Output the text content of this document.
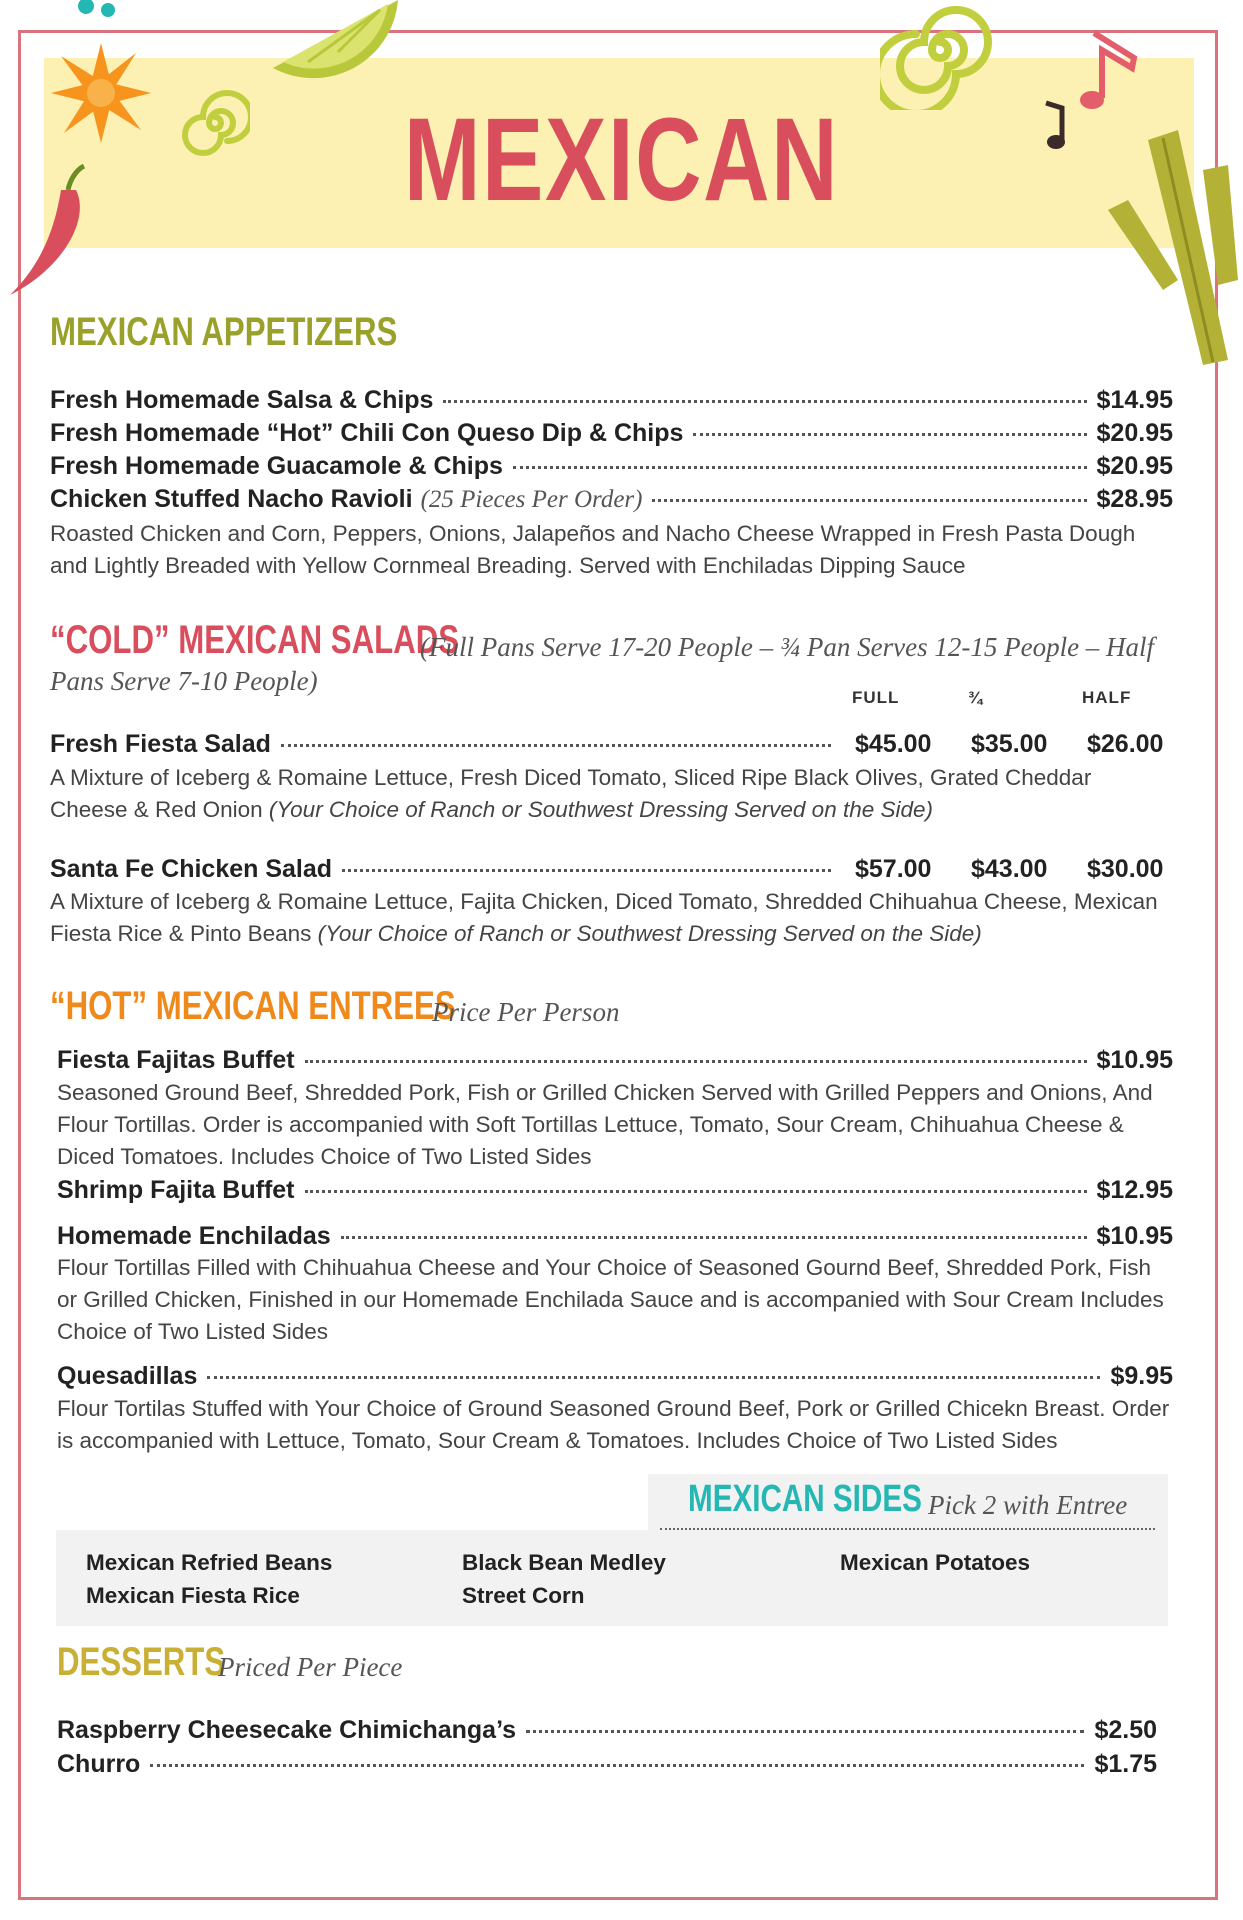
MEXICAN
MEXICAN APPETIZERS
Fresh Homemade Salsa & Chips	$14.95
Fresh Homemade “Hot” Chili Con Queso Dip & Chips	$20.95
Fresh Homemade Guacamole & Chips	$20.95
Chicken Stuffed Nacho Ravioli (25 Pieces Per Order)	$28.95
Roasted Chicken and Corn, Peppers, Onions, Jalapeños and Nacho Cheese Wrapped in Fresh Pasta Dough and Lightly Breaded with Yellow Cornmeal Breading. Served with Enchiladas Dipping Sauce
“COLD” MEXICAN SALADS
(Full Pans Serve 17-20 People – ¾ Pan Serves 12-15 People – Half
Pans Serve 7-10 People)
FULL	¾	HALF
Fresh Fiesta Salad	$45.00	$35.00	$26.00
A Mixture of Iceberg & Romaine Lettuce, Fresh Diced Tomato, Sliced Ripe Black Olives, Grated Cheddar Cheese & Red Onion (Your Choice of Ranch or Southwest Dressing Served on the Side)
Santa Fe Chicken Salad	$57.00	$43.00	$30.00
A Mixture of Iceberg & Romaine Lettuce, Fajita Chicken, Diced Tomato, Shredded Chihuahua Cheese, Mexican Fiesta Rice & Pinto Beans (Your Choice of Ranch or Southwest Dressing Served on the Side)
“HOT” MEXICAN ENTREES
Price Per Person
Fiesta Fajitas Buffet	$10.95
Seasoned Ground Beef, Shredded Pork, Fish or Grilled Chicken Served with Grilled Peppers and Onions, And Flour Tortillas. Order is accompanied with Soft Tortillas Lettuce, Tomato, Sour Cream, Chihuahua Cheese & Diced Tomatoes. Includes Choice of Two Listed Sides
Shrimp Fajita Buffet	$12.95
Homemade Enchiladas	$10.95
Flour Tortillas Filled with Chihuahua Cheese and Your Choice of Seasoned Gournd Beef, Shredded Pork, Fish or Grilled Chicken, Finished in our Homemade Enchilada Sauce and is accompanied with Sour Cream Includes Choice of Two Listed Sides
Quesadillas	$9.95
Flour Tortilas Stuffed with Your Choice of Ground Seasoned Ground Beef, Pork or Grilled Chicekn Breast. Order is accompanied with Lettuce, Tomato, Sour Cream & Tomatoes. Includes Choice of Two Listed Sides
MEXICAN SIDES Pick 2 with Entree
Mexican Refried Beans
Mexican Fiesta Rice
Black Bean Medley
Street Corn
Mexican Potatoes
DESSERTS
Priced Per Piece
Raspberry Cheesecake Chimichanga’s	$2.50
Churro	$1.75
